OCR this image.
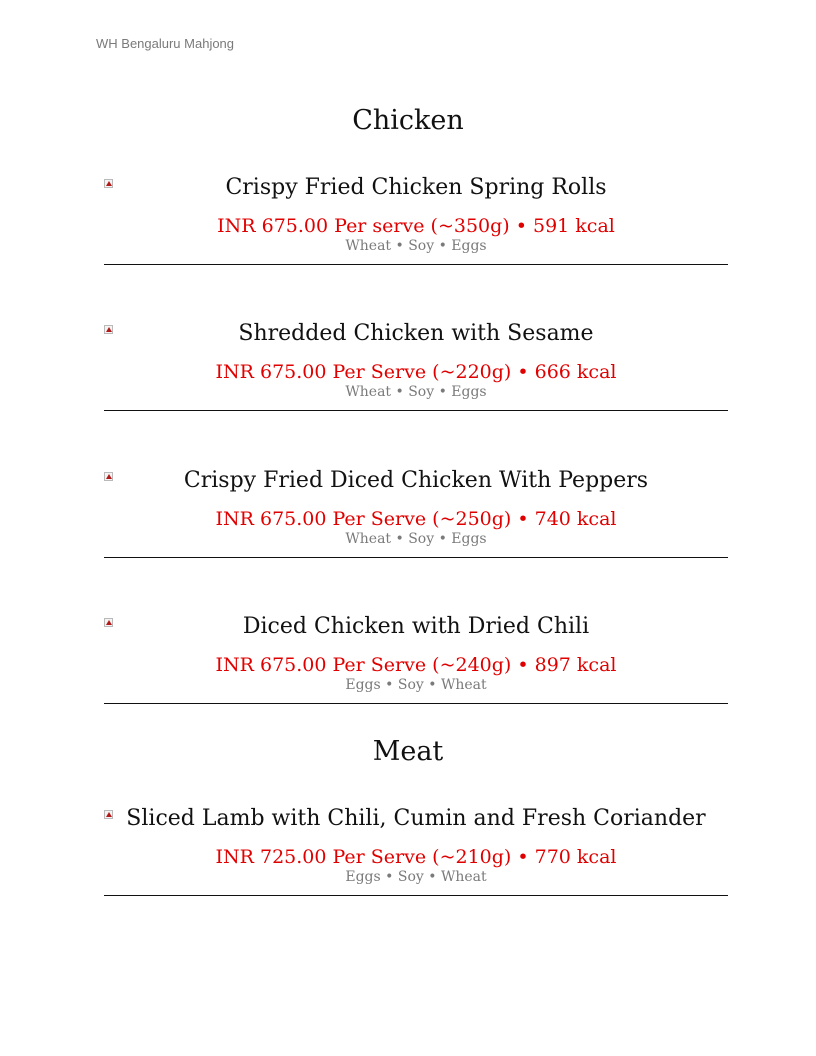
WH Bengaluru Mahjong
Chicken
Crispy Fried Chicken Spring Rolls
INR 675.00 Per serve (~350g) • 591 kcal
Wheat • Soy • Eggs
Shredded Chicken with Sesame
INR 675.00 Per Serve (~220g) • 666 kcal
Wheat • Soy • Eggs
Crispy Fried Diced Chicken With Peppers
INR 675.00 Per Serve (~250g) • 740 kcal
Wheat • Soy • Eggs
Diced Chicken with Dried Chili
INR 675.00 Per Serve (~240g) • 897 kcal
Eggs • Soy • Wheat
Meat
Sliced Lamb with Chili, Cumin and Fresh Coriander
INR 725.00 Per Serve (~210g) • 770 kcal
Eggs • Soy • Wheat
